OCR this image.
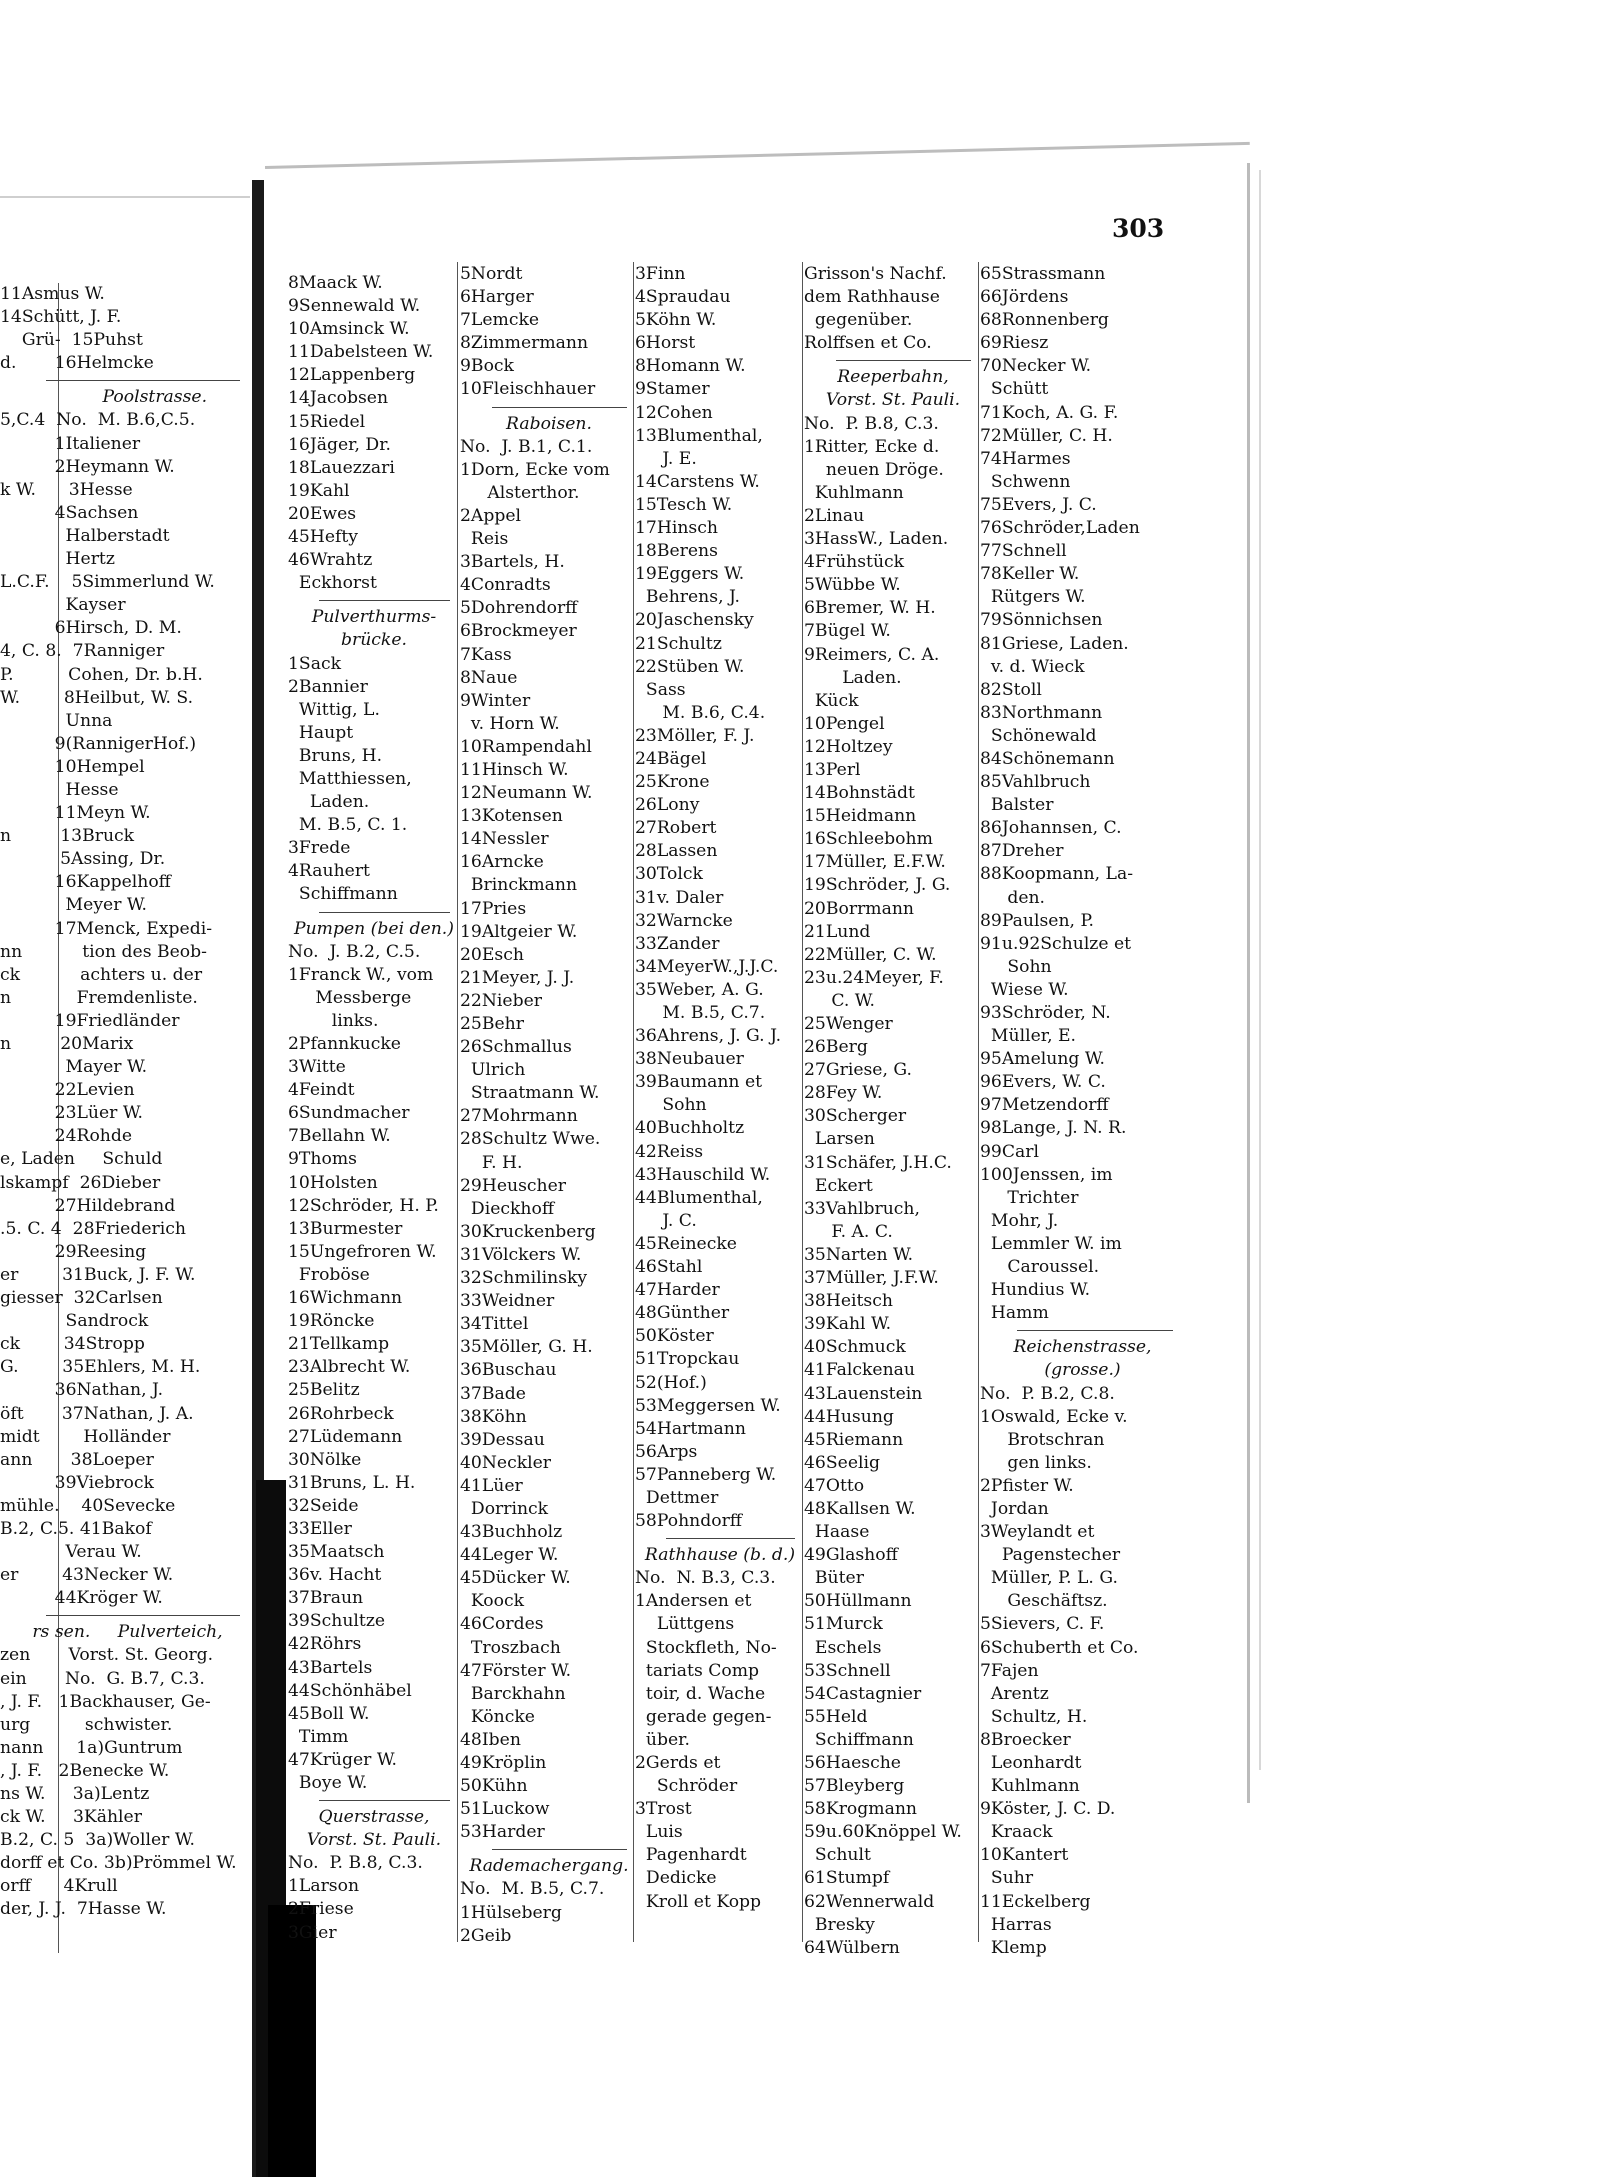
303
11Asmus W.
14Schütt, J. F.
Grü-  15Puhst
d.       16Helmcke
Poolstrasse.
5,C.4  No.  M. B.6,C.5.
1Italiener
2Heymann W.
k W.      3Hesse
4Sachsen
Halberstadt
Hertz
L.C.F.    5Simmerlund W.
Kayser
6Hirsch, D. M.
4, C. 8.  7Ranniger
P.          Cohen, Dr. b.H.
W.        8Heilbut, W. S.
Unna
9(RannigerHof.)
10Hempel
Hesse
11Meyn W.
n         13Bruck
5Assing, Dr.
16Kappelhoff
Meyer W.
17Menck, Expedi-
nn           tion des Beob-
ck           achters u. der
n            Fremdenliste.
19Friedländer
n         20Marix
Mayer W.
22Levien
23Lüer W.
24Rohde
e, Laden     Schuld
lskampf  26Dieber
27Hildebrand
.5. C. 4  28Friederich
29Reesing
er        31Buck, J. F. W.
giesser  32Carlsen
Sandrock
ck        34Stropp
G.        35Ehlers, M. H.
36Nathan, J.
öft       37Nathan, J. A.
midt        Holländer
ann       38Loeper
39Viebrock
mühle.    40Sevecke
B.2, C.5. 41Bakof
Verau W.
er        43Necker W.
44Kröger W.
rs sen.     Pulverteich,
zen       Vorst. St. Georg.
ein       No.  G. B.7, C.3.
, J. F.   1Backhauser, Ge-
urg          schwister.
nann      1a)Guntrum
, J. F.   2Benecke W.
ns W.     3a)Lentz
ck W.     3Kähler
B.2, C. 5  3a)Woller W.
dorff et Co. 3b)Prömmel W.
orff      4Krull
der, J. J.  7Hasse W.
8Maack W.
9Sennewald W.
10Amsinck W.
11Dabelsteen W.
12Lappenberg
14Jacobsen
15Riedel
16Jäger, Dr.
18Lauezzari
19Kahl
20Ewes
45Hefty
46Wrahtz
Eckhorst
Pulverthurms-
brücke.
1Sack
2Bannier
Wittig, L.
Haupt
Bruns, H.
Matthiessen,
Laden.
M. B.5, C. 1.
3Frede
4Rauhert
Schiffmann
Pumpen (bei den.)
No.  J. B.2, C.5.
1Franck W., vom
Messberge
links.
2Pfannkucke
3Witte
4Feindt
6Sundmacher
7Bellahn W.
9Thoms
10Holsten
12Schröder, H. P.
13Burmester
15Ungefroren W.
Froböse
16Wichmann
19Röncke
21Tellkamp
23Albrecht W.
25Belitz
26Rohrbeck
27Lüdemann
30Nölke
31Bruns, L. H.
32Seide
33Eller
35Maatsch
36v. Hacht
37Braun
39Schultze
42Röhrs
43Bartels
44Schönhäbel
45Boll W.
Timm
47Krüger W.
Boye W.
Querstrasse,
Vorst. St. Pauli.
No.  P. B.8, C.3.
1Larson
2Friese
3Gier
5Nordt
6Harger
7Lemcke
8Zimmermann
9Bock
10Fleischhauer
Raboisen.
No.  J. B.1, C.1.
1Dorn, Ecke vom
Alsterthor.
2Appel
Reis
3Bartels, H.
4Conradts
5Dohrendorff
6Brockmeyer
7Kass
8Naue
9Winter
v. Horn W.
10Rampendahl
11Hinsch W.
12Neumann W.
13Kotensen
14Nessler
16Arncke
Brinckmann
17Pries
19Altgeier W.
20Esch
21Meyer, J. J.
22Nieber
25Behr
26Schmallus
Ulrich
Straatmann W.
27Mohrmann
28Schultz Wwe.
F. H.
29Heuscher
Dieckhoff
30Kruckenberg
31Völckers W.
32Schmilinsky
33Weidner
34Tittel
35Möller, G. H.
36Buschau
37Bade
38Köhn
39Dessau
40Neckler
41Lüer
Dorrinck
43Buchholz
44Leger W.
45Dücker W.
Koock
46Cordes
Troszbach
47Förster W.
Barckhahn
Köncke
48Iben
49Kröplin
50Kühn
51Luckow
53Harder
Rademachergang.
No.  M. B.5, C.7.
1Hülseberg
2Geib
3Finn
4Spraudau
5Köhn W.
6Horst
8Homann W.
9Stamer
12Cohen
13Blumenthal,
J. E.
14Carstens W.
15Tesch W.
17Hinsch
18Berens
19Eggers W.
Behrens, J.
20Jaschensky
21Schultz
22Stüben W.
Sass
M. B.6, C.4.
23Möller, F. J.
24Bägel
25Krone
26Lony
27Robert
28Lassen
30Tolck
31v. Daler
32Warncke
33Zander
34MeyerW.,J.J.C.
35Weber, A. G.
M. B.5, C.7.
36Ahrens, J. G. J.
38Neubauer
39Baumann et
Sohn
40Buchholtz
42Reiss
43Hauschild W.
44Blumenthal,
J. C.
45Reinecke
46Stahl
47Harder
48Günther
50Köster
51Tropckau
52(Hof.)
53Meggersen W.
54Hartmann
56Arps
57Panneberg W.
Dettmer
58Pohndorff
Rathhause (b. d.)
No.  N. B.3, C.3.
1Andersen et
Lüttgens
Stockfleth, No-
tariats Comp
toir, d. Wache
gerade gegen-
über.
2Gerds et
Schröder
3Trost
Luis
Pagenhardt
Dedicke
Kroll et Kopp
Grisson's Nachf.
dem Rathhause
gegenüber.
Rolffsen et Co.
Reeperbahn,
Vorst. St. Pauli.
No.  P. B.8, C.3.
1Ritter, Ecke d.
neuen Dröge.
Kuhlmann
2Linau
3HassW., Laden.
4Frühstück
5Wübbe W.
6Bremer, W. H.
7Bügel W.
9Reimers, C. A.
Laden.
Kück
10Pengel
12Holtzey
13Perl
14Bohnstädt
15Heidmann
16Schleebohm
17Müller, E.F.W.
19Schröder, J. G.
20Borrmann
21Lund
22Müller, C. W.
23u.24Meyer, F.
C. W.
25Wenger
26Berg
27Griese, G.
28Fey W.
30Scherger
Larsen
31Schäfer, J.H.C.
Eckert
33Vahlbruch,
F. A. C.
35Narten W.
37Müller, J.F.W.
38Heitsch
39Kahl W.
40Schmuck
41Falckenau
43Lauenstein
44Husung
45Riemann
46Seelig
47Otto
48Kallsen W.
Haase
49Glashoff
Büter
50Hüllmann
51Murck
Eschels
53Schnell
54Castagnier
55Held
Schiffmann
56Haesche
57Bleyberg
58Krogmann
59u.60Knöppel W.
Schult
61Stumpf
62Wennerwald
Bresky
64Wülbern
65Strassmann
66Jördens
68Ronnenberg
69Riesz
70Necker W.
Schütt
71Koch, A. G. F.
72Müller, C. H.
74Harmes
Schwenn
75Evers, J. C.
76Schröder,Laden
77Schnell
78Keller W.
Rütgers W.
79Sönnichsen
81Griese, Laden.
v. d. Wieck
82Stoll
83Northmann
Schönewald
84Schönemann
85Vahlbruch
Balster
86Johannsen, C.
87Dreher
88Koopmann, La-
den.
89Paulsen, P.
91u.92Schulze et
Sohn
Wiese W.
93Schröder, N.
Müller, E.
95Amelung W.
96Evers, W. C.
97Metzendorff
98Lange, J. N. R.
99Carl
100Jenssen, im
Trichter
Mohr, J.
Lemmler W. im
Caroussel.
Hundius W.
Hamm
Reichenstrasse,
(grosse.)
No.  P. B.2, C.8.
1Oswald, Ecke v.
Brotschran
gen links.
2Pfister W.
Jordan
3Weylandt et
Pagenstecher
Müller, P. L. G.
Geschäftsz.
5Sievers, C. F.
6Schuberth et Co.
7Fajen
Arentz
Schultz, H.
8Broecker
Leonhardt
Kuhlmann
9Köster, J. C. D.
Kraack
10Kantert
Suhr
11Eckelberg
Harras
Klemp
